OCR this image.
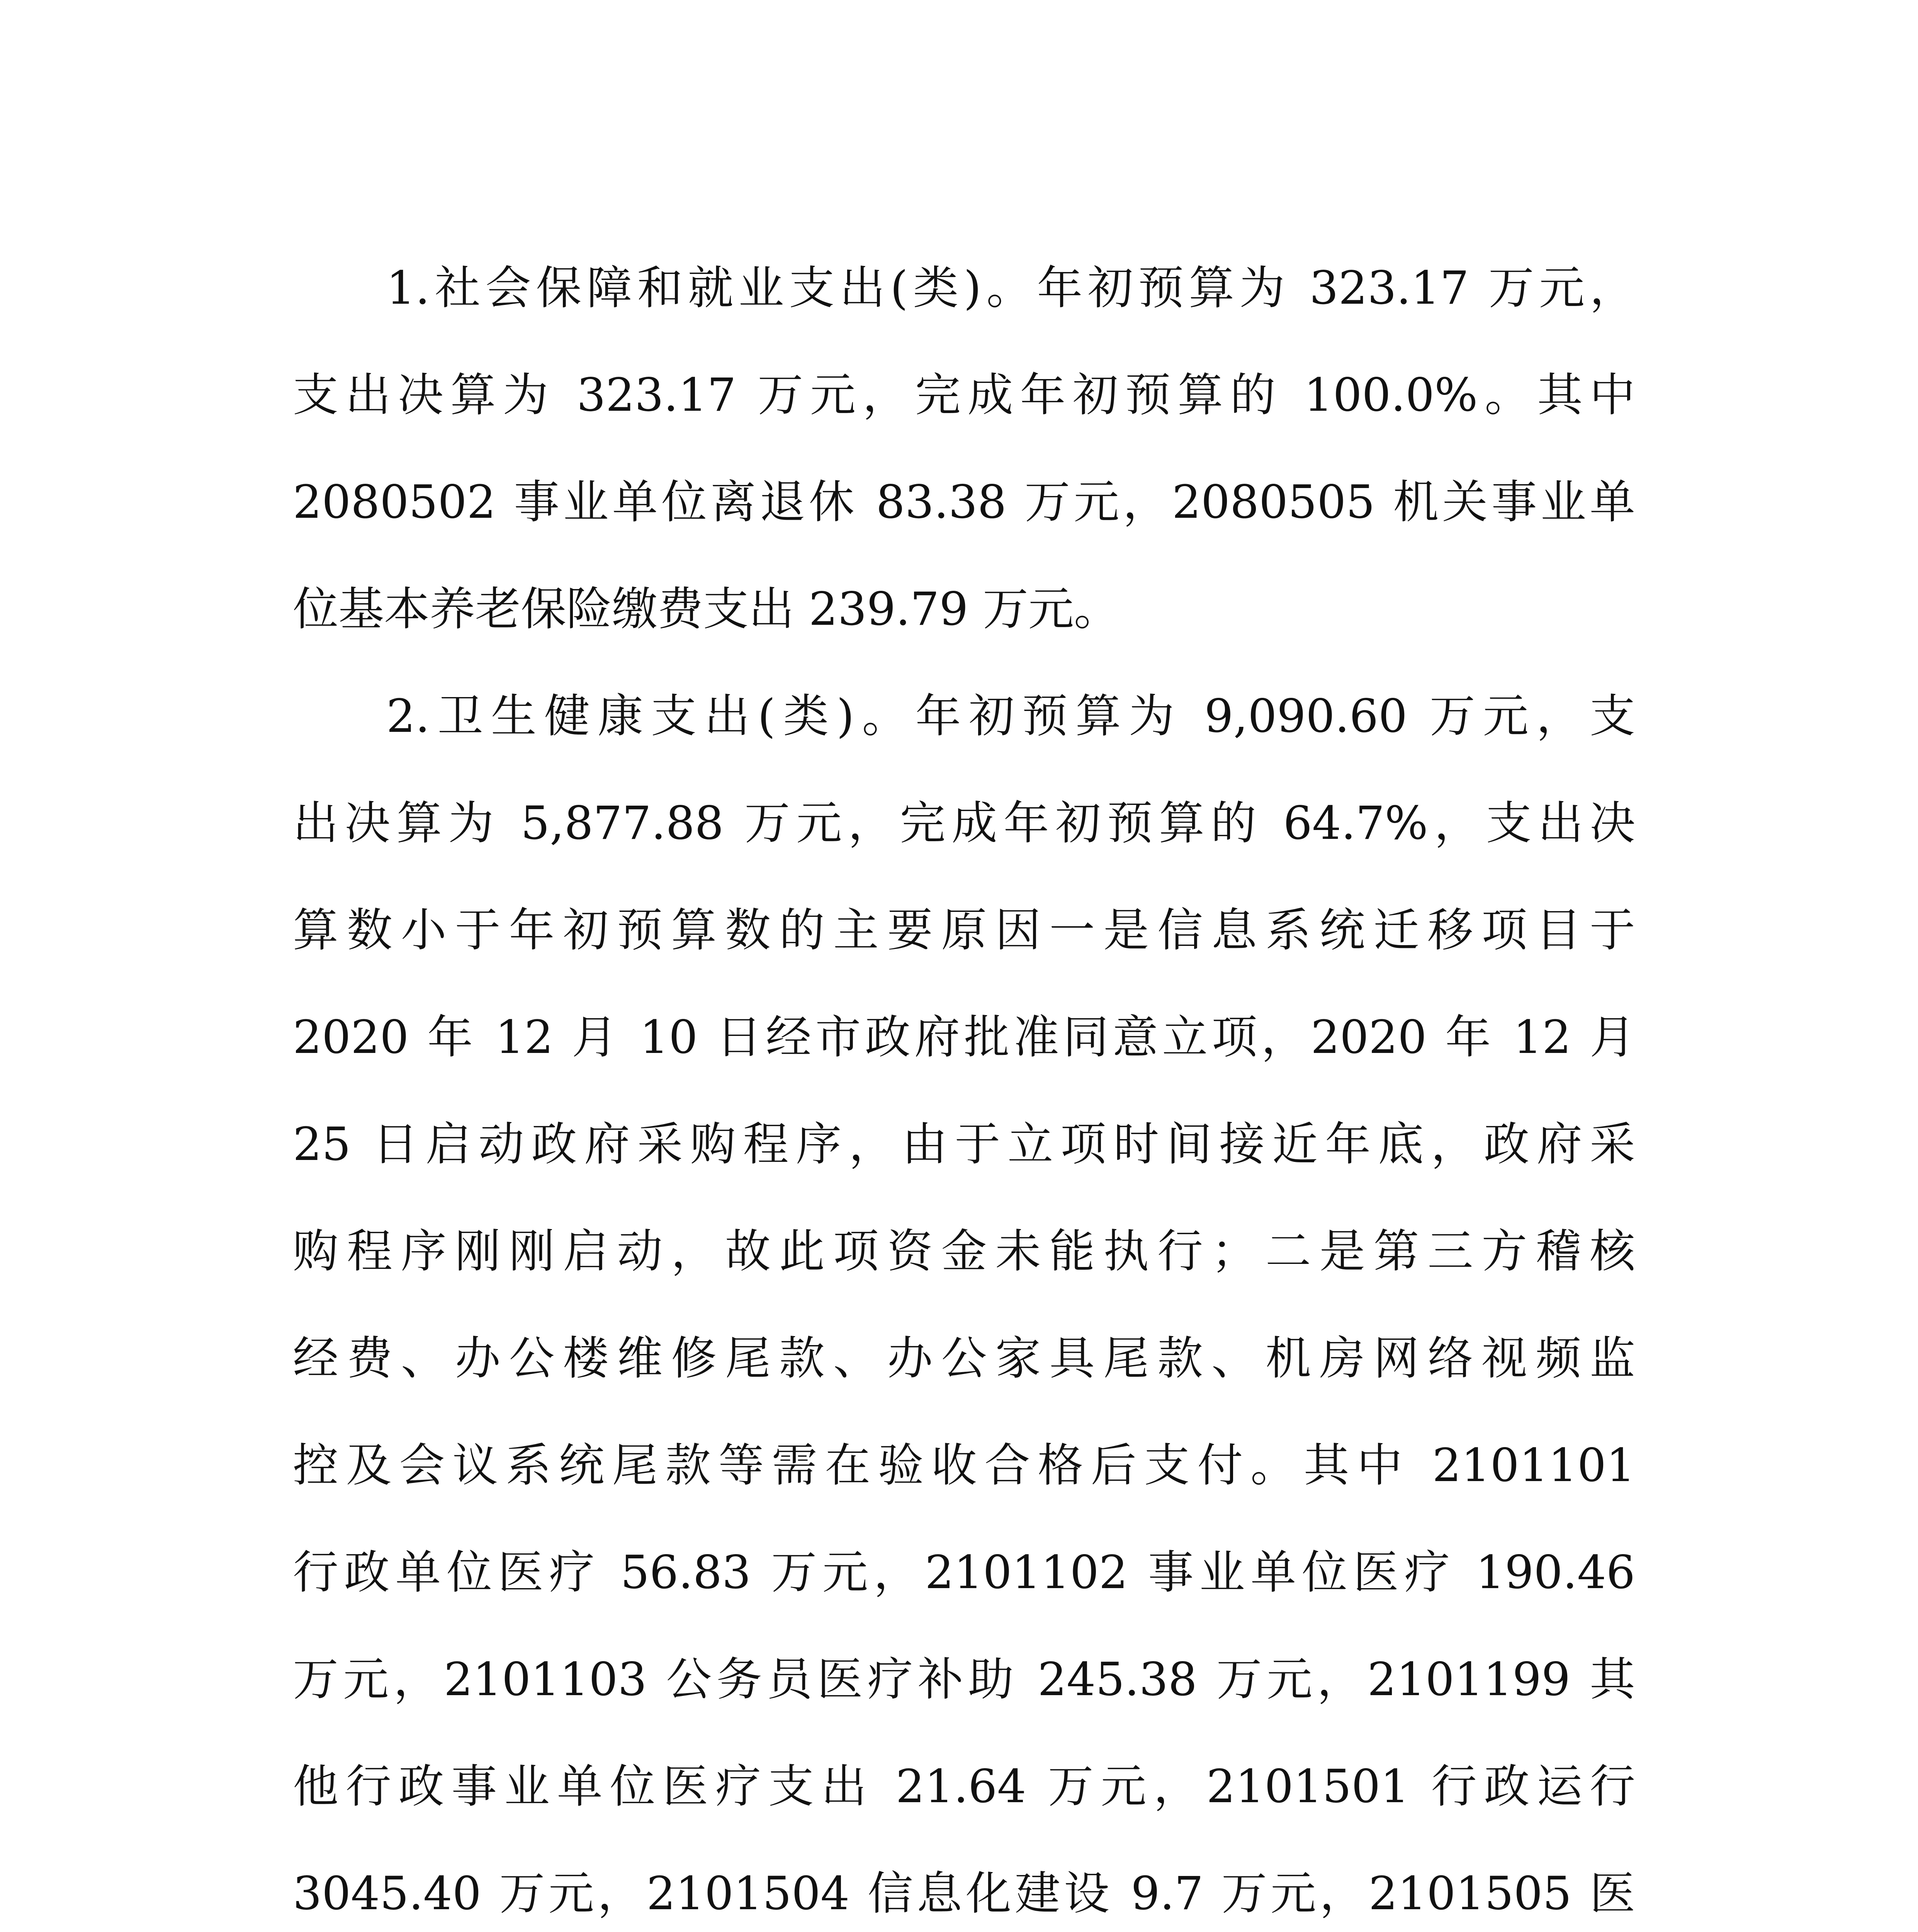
1.社会保障和就业支出(类)。年初预算为 323.17 万元，

支出决算为 323.17 万元，完成年初预算的 100.0%。其中

2080502 事业单位离退休 83.38 万元，2080505 机关事业单

位基本养老保险缴费支出 239.79 万元。

2.卫生健康支出(类)。年初预算为 9,090.60 万元，支

出决算为 5,877.88 万元，完成年初预算的 64.7%，支出决

算数小于年初预算数的主要原因一是信息系统迁移项目于

2020 年 12 月 10 日经市政府批准同意立项，2020 年 12 月

25 日启动政府采购程序，由于立项时间接近年底，政府采

购程序刚刚启动，故此项资金未能执行；二是第三方稽核

经费、办公楼维修尾款、办公家具尾款、机房网络视频监

控及会议系统尾款等需在验收合格后支付。其中 2101101

行政单位医疗 56.83 万元，2101102 事业单位医疗 190.46

万元，2101103 公务员医疗补助 245.38 万元，2101199 其

他行政事业单位医疗支出 21.64 万元，2101501 行政运行

3045.40 万元，2101504 信息化建设 9.7 万元，2101505 医
